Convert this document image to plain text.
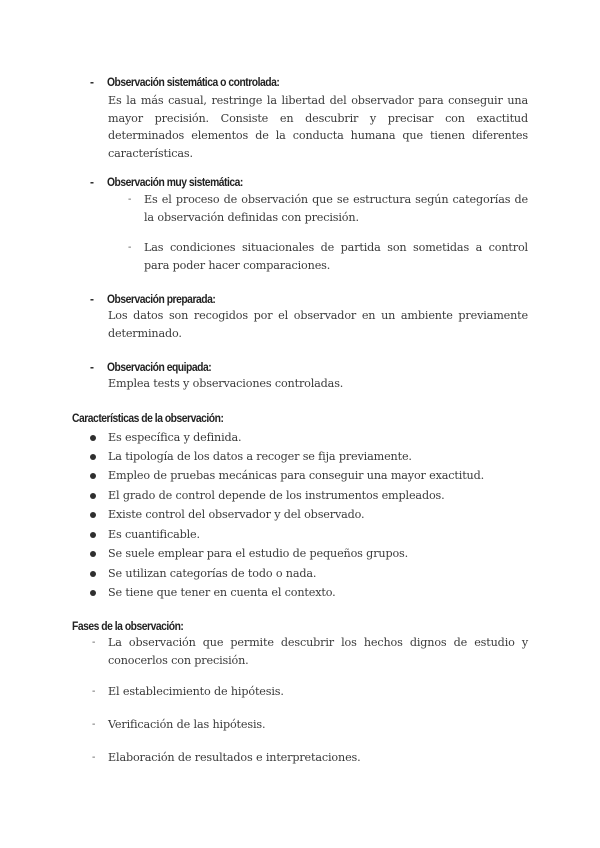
- Observación sistemática o controlada:
Es la más casual, restringe la libertad del observador para conseguir una mayor precisión. Consiste en descubrir y precisar con exactitud determinados elementos de la conducta humana que tienen diferentes características.
- Observación muy sistemática:
- Es el proceso de observación que se estructura según categorías de la observación definidas con precisión.
- Las condiciones situacionales de partida son sometidas a control para poder hacer comparaciones.
- Observación preparada:
Los datos son recogidos por el observador en un ambiente previamente determinado.
- Observación equipada:
Emplea tests y observaciones controladas.
Características de la observación:
Es específica y definida.
La tipología de los datos a recoger se fija previamente.
Empleo de pruebas mecánicas para conseguir una mayor exactitud.
El grado de control depende de los instrumentos empleados.
Existe control del observador y del observado.
Es cuantificable.
Se suele emplear para el estudio de pequeños grupos.
Se utilizan categorías de todo o nada.
Se tiene que tener en cuenta el contexto.
Fases de la observación:
- La observación que permite descubrir los hechos dignos de estudio y conocerlos con precisión.
- El establecimiento de hipótesis.
- Verificación de las hipótesis.
- Elaboración de resultados e interpretaciones.
